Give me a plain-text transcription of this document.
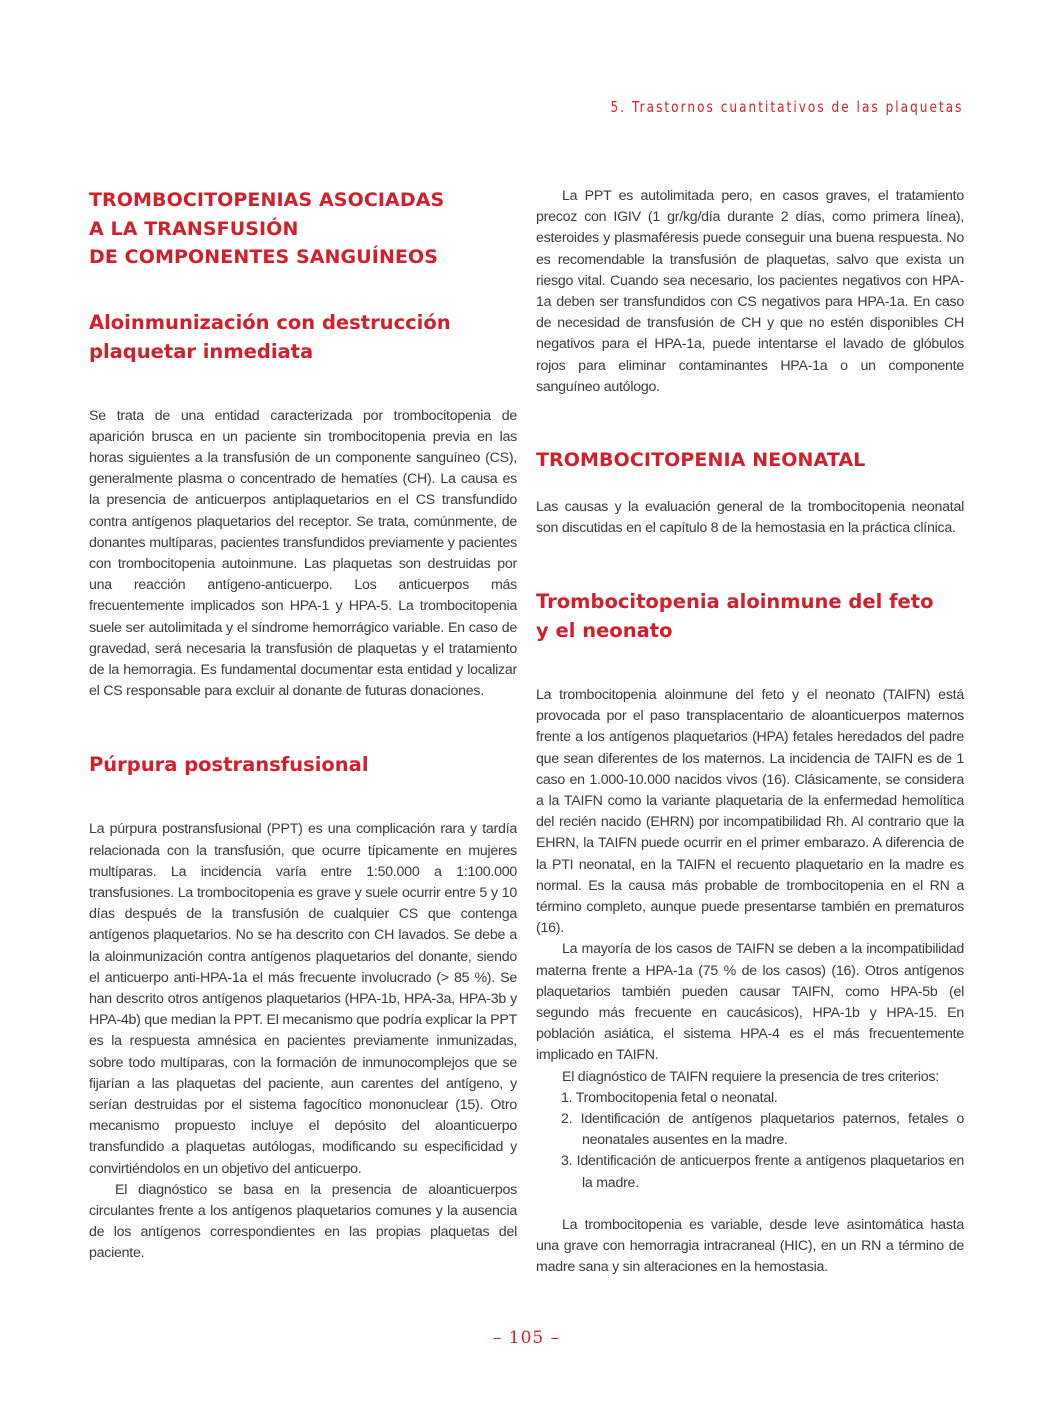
5. Trastornos cuantitativos de las plaquetas
TROMBOCITOPENIAS ASOCIADAS
A LA TRANSFUSIÓN
DE COMPONENTES SANGUÍNEOS
Aloinmunización con destrucción
plaquetar inmediata

Se trata de una entidad caracterizada por trombocitopenia de aparición brusca en un paciente sin trombocitopenia previa en las horas siguientes a la transfusión de un componente sanguíneo (CS), generalmente plasma o concentrado de hematíes (CH). La causa es la presencia de anticuerpos antiplaquetarios en el CS transfundido contra antígenos plaquetarios del receptor. Se trata, comúnmente, de donantes multíparas, pacientes transfundidos previamente y pacientes con trombocitopenia autoinmune. Las plaquetas son destruidas por una reacción antígeno-anticuerpo. Los anticuerpos más frecuentemente implicados son HPA-1 y HPA-5. La trombocitopenia suele ser autolimitada y el síndrome hemorrágico variable. En caso de gravedad, será necesaria la transfusión de plaquetas y el tratamiento de la hemorragia. Es fundamental documentar esta entidad y localizar el CS responsable para excluir al donante de futuras donaciones.

Púrpura postransfusional

La púrpura postransfusional (PPT) es una complicación rara y tardía relacionada con la transfusión, que ocurre típicamente en mujeres multíparas. La incidencia varía entre 1:50.000 a 1:100.000 transfusiones. La trombocitopenia es grave y suele ocurrir entre 5 y 10 días después de la transfusión de cualquier CS que contenga antígenos plaquetarios. No se ha descrito con CH lavados. Se debe a la aloinmunización contra antígenos plaquetarios del donante, siendo el anticuerpo anti-HPA-1a el más frecuente involucrado (> 85 %). Se han descrito otros antígenos plaquetarios (HPA-1b, HPA-3a, HPA-3b y HPA-4b) que median la PPT. El mecanismo que podría explicar la PPT es la respuesta amnésica en pacientes previamente inmunizadas, sobre todo multíparas, con la formación de inmunocomplejos que se fijarían a las plaquetas del paciente, aun carentes del antígeno, y serían destruidas por el sistema fagocítico mononuclear (15). Otro mecanismo propuesto incluye el depósito del aloanticuerpo transfundido a plaquetas autólogas, modificando su especificidad y convirtiéndolos en un objetivo del anticuerpo.

El diagnóstico se basa en la presencia de aloanticuerpos circulantes frente a los antígenos plaquetarios comunes y la ausencia de los antígenos correspondientes en las propias plaquetas del paciente.

La PPT es autolimitada pero, en casos graves, el tratamiento precoz con IGIV (1 gr/kg/día durante 2 días, como primera línea), esteroides y plasmaféresis puede conseguir una buena respuesta. No es recomendable la transfusión de plaquetas, salvo que exista un riesgo vital. Cuando sea necesario, los pacientes negativos con HPA-1a deben ser transfundidos con CS negativos para HPA-1a. En caso de necesidad de transfusión de CH y que no estén disponibles CH negativos para el HPA-1a, puede intentarse el lavado de glóbulos rojos para eliminar contaminantes HPA-1a o un componente sanguíneo autólogo.

TROMBOCITOPENIA NEONATAL

Las causas y la evaluación general de la trombocitopenia neonatal son discutidas en el capítulo 8 de la hemostasia en la práctica clínica.

Trombocitopenia aloinmune del feto
y el neonato

La trombocitopenia aloinmune del feto y el neonato (TAIFN) está provocada por el paso transplacentario de aloanticuerpos maternos frente a los antígenos plaquetarios (HPA) fetales heredados del padre que sean diferentes de los maternos. La incidencia de TAIFN es de 1 caso en 1.000-10.000 nacidos vivos (16). Clásicamente, se considera a la TAIFN como la variante plaquetaria de la enfermedad hemolítica del recién nacido (EHRN) por incompatibilidad Rh. Al contrario que la EHRN, la TAIFN puede ocurrir en el primer embarazo. A diferencia de la PTI neonatal, en la TAIFN el recuento plaquetario en la madre es normal. Es la causa más probable de trombocitopenia en el RN a término completo, aunque puede presentarse también en prematuros (16).

La mayoría de los casos de TAIFN se deben a la incompatibilidad materna frente a HPA-1a (75 % de los casos) (16). Otros antígenos plaquetarios también pueden causar TAIFN, como HPA-5b (el segundo más frecuente en caucásicos), HPA-1b y HPA-15. En población asiática, el sistema HPA-4 es el más frecuentemente implicado en TAIFN.

El diagnóstico de TAIFN requiere la presencia de tres criterios:

1. Trombocitopenia fetal o neonatal.
2. Identificación de antígenos plaquetarios paternos, fetales o neonatales ausentes en la madre.
3. Identificación de anticuerpos frente a antígenos plaquetarios en la madre.

La trombocitopenia es variable, desde leve asintomática hasta una grave con hemorragia intracraneal (HIC), en un RN a término de madre sana y sin alteraciones en la hemostasia.

– 105 –
